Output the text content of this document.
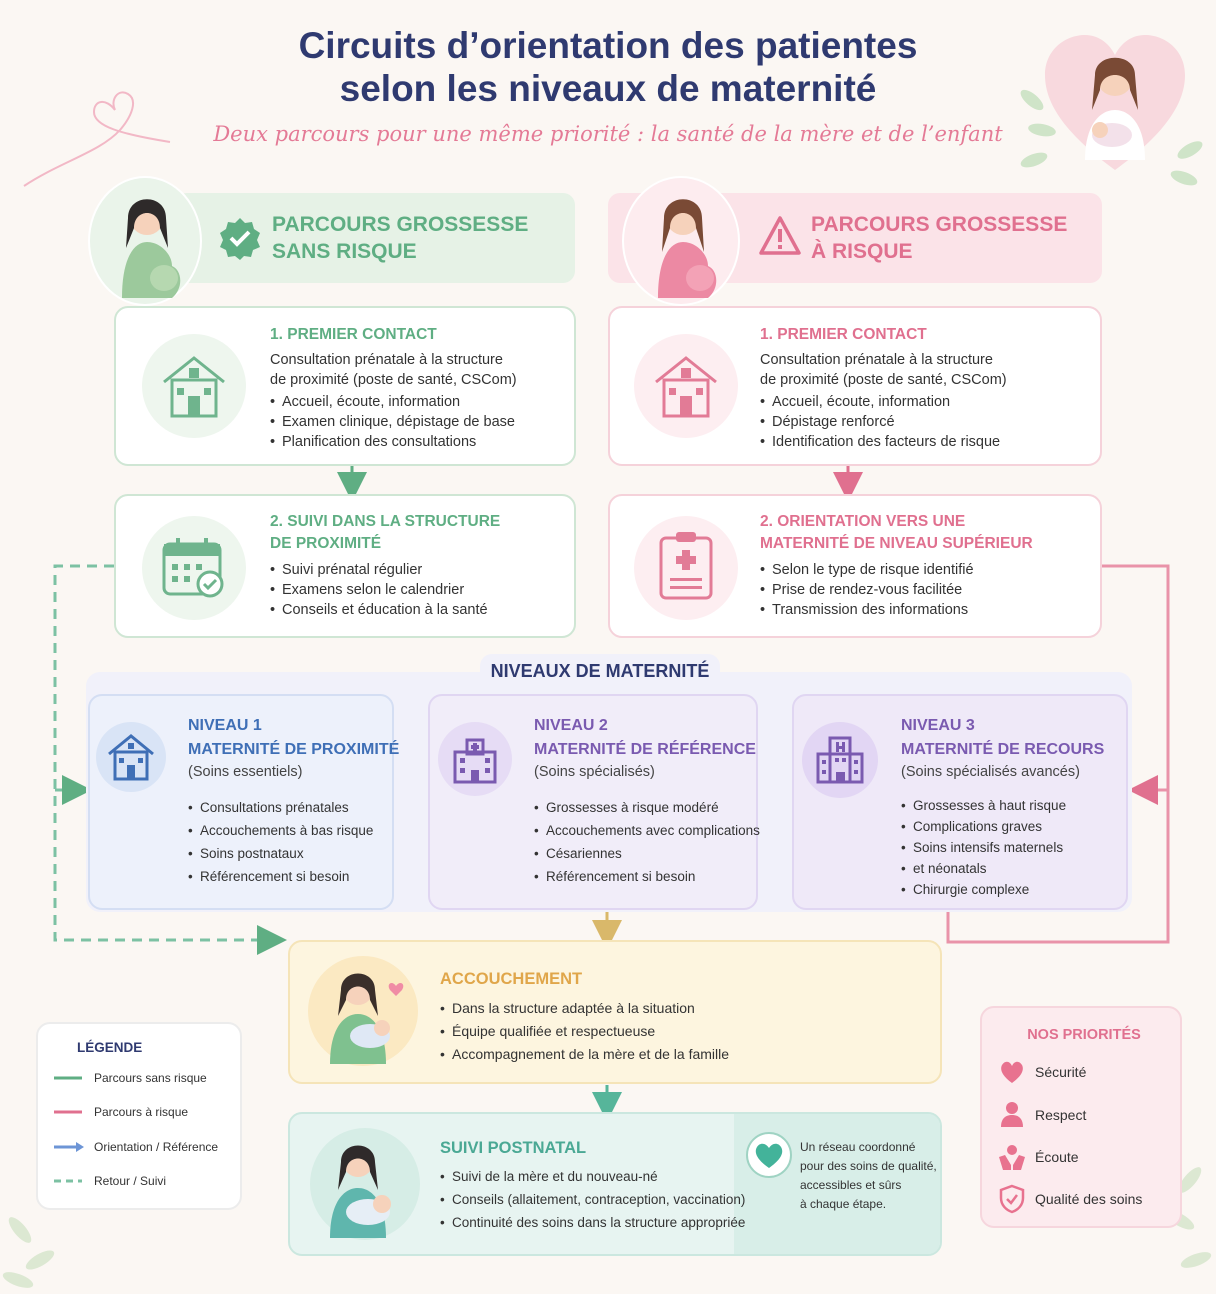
Circuits d’orientation des patientes
selon les niveaux de maternité
Deux parcours pour une même priorité : la santé de la mère et de l’enfant
PARCOURS GROSSESSE
SANS RISQUE
PARCOURS GROSSESSE
À RISQUE
1. PREMIER CONTACT
Consultation prénatale à la structure
de proximité (poste de santé, CSCom)
• Accueil, écoute, information
• Examen clinique, dépistage de base
• Planification des consultations
1. PREMIER CONTACT
Consultation prénatale à la structure
de proximité (poste de santé, CSCom)
• Accueil, écoute, information
• Dépistage renforcé
• Identification des facteurs de risque
2. SUIVI DANS LA STRUCTURE
DE PROXIMITÉ
• Suivi prénatal régulier
• Examens selon le calendrier
• Conseils et éducation à la santé
2. ORIENTATION VERS UNE
MATERNITÉ DE NIVEAU SUPÉRIEUR
• Selon le type de risque identifié
• Prise de rendez-vous facilitée
• Transmission des informations
NIVEAUX DE MATERNITÉ
NIVEAU 1
MATERNITÉ DE PROXIMITÉ
(Soins essentiels)
• Consultations prénatales
• Accouchements à bas risque
• Soins postnataux
• Référencement si besoin
NIVEAU 2
MATERNITÉ DE RÉFÉRENCE
(Soins spécialisés)
• Grossesses à risque modéré
• Accouchements avec complications
• Césariennes
• Référencement si besoin
NIVEAU 3
MATERNITÉ DE RECOURS
(Soins spécialisés avancés)
• Grossesses à haut risque
• Complications graves
• Soins intensifs maternels
• et néonatals
• Chirurgie complexe
ACCOUCHEMENT
• Dans la structure adaptée à la situation
• Équipe qualifiée et respectueuse
• Accompagnement de la mère et de la famille
LÉGENDE
Parcours sans risque
Parcours à risque
Orientation / Référence
Retour / Suivi
SUIVI POSTNATAL
• Suivi de la mère et du nouveau-né
• Conseils (allaitement, contraception, vaccination)
• Continuité des soins dans la structure appropriée
Un réseau coordonné
pour des soins de qualité,
accessibles et sûrs
à chaque étape.
NOS PRIORITÉS
Sécurité
Respect
Écoute
Qualité des soins
